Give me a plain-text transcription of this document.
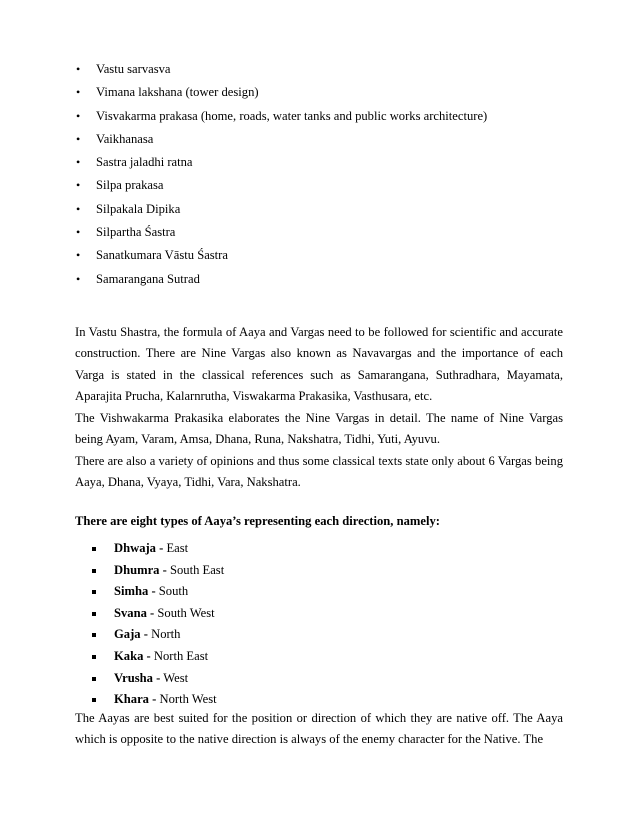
• Vastu sarvasva
• Vimana lakshana (tower design)
• Visvakarma prakasa (home, roads, water tanks and public works architecture)
• Vaikhanasa
• Sastra jaladhi ratna
• Silpa prakasa
• Silpakala Dipika
• Silpartha Śastra
• Sanatkumara Vāstu Śastra
• Samarangana Sutrad

In Vastu Shastra, the formula of Aaya and Vargas need to be followed for scientific and accurate construction. There are Nine Vargas also known as Navavargas and the importance of each Varga is stated in the classical references such as Samarangana, Suthradhara, Mayamata, Aparajita Prucha, Kalarnrutha, Viswakarma Prakasika, Vasthusara, etc.

The Vishwakarma Prakasika elaborates the Nine Vargas in detail. The name of Nine Vargas being Ayam, Varam, Amsa, Dhana, Runa, Nakshatra, Tidhi, Yuti, Ayuvu.

There are also a variety of opinions and thus some classical texts state only about 6 Vargas being Aaya, Dhana, Vyaya, Tidhi, Vara, Nakshatra.

There are eight types of Aaya’s representing each direction, namely:
Dhwaja - East
Dhumra - South East
Simha - South
Svana - South West
Gaja - North
Kaka - North East
Vrusha - West
Khara - North West

The Aayas are best suited for the position or direction of which they are native off. The Aaya which is opposite to the native direction is always of the enemy character for the Native. The
